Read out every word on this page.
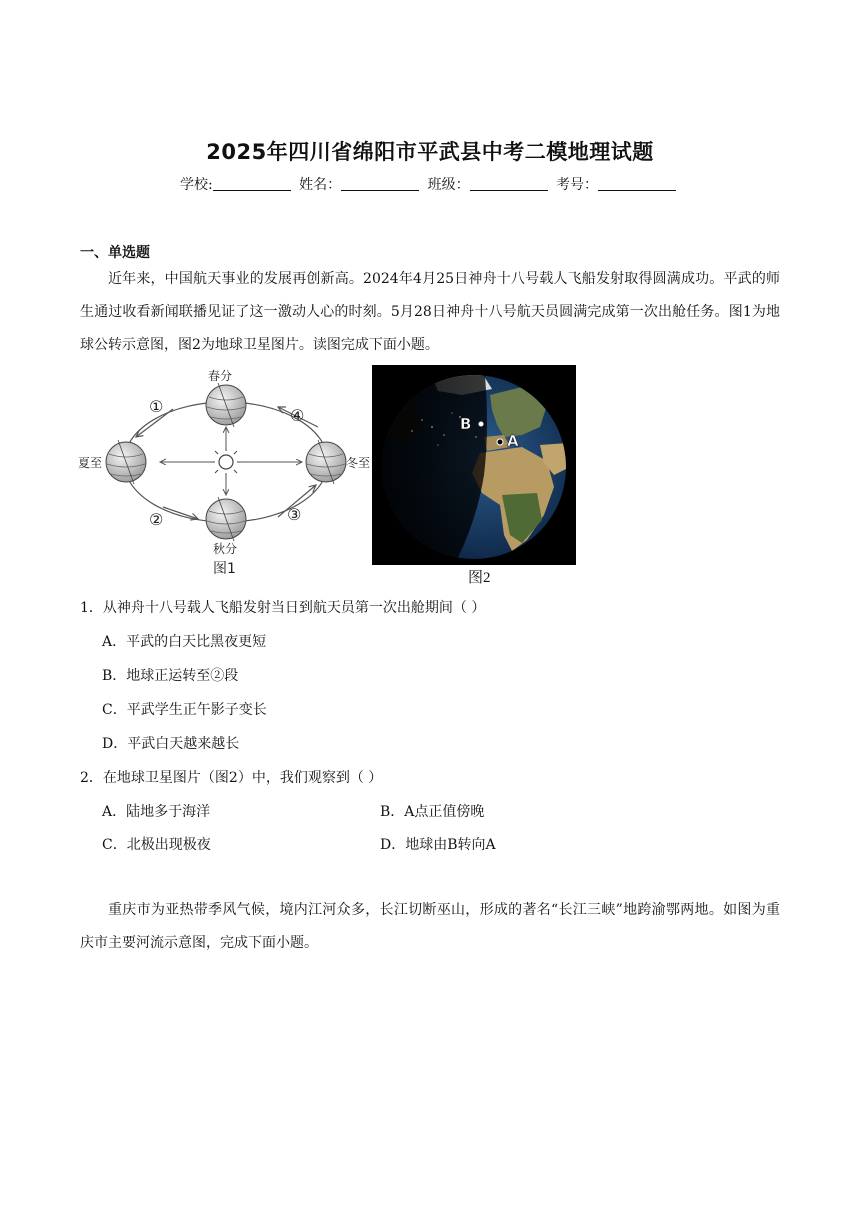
2025年四川省绵阳市平武县中考二模地理试题
学校:	姓名：	班级：	考号：
一、单选题
近年来，中国航天事业的发展再创新高。2024年4月25日神舟十八号载人飞船发射取得圆满成功。平武的师生通过收看新闻联播见证了这一激动人心的时刻。5月28日神舟十八号航天员圆满完成第一次出舱任务。图1为地球公转示意图，图2为地球卫星图片。读图完成下面小题。
春分
夏至	冬至
秋分
①
②	③
④
图1
B
A
图2
1．从神舟十八号载人飞船发射当日到航天员第一次出舱期间（ ）
A．平武的白天比黑夜更短
B．地球正运转至②段
C．平武学生正午影子变长
D．平武白天越来越长
2．在地球卫星图片（图2）中，我们观察到（ ）
A．陆地多于海洋	B．A点正值傍晚
C．北极出现极夜	D．地球由B转向A
重庆市为亚热带季风气候，境内江河众多，长江切断巫山，形成的著名“长江三峡”地跨渝鄂两地。如图为重庆市主要河流示意图，完成下面小题。
